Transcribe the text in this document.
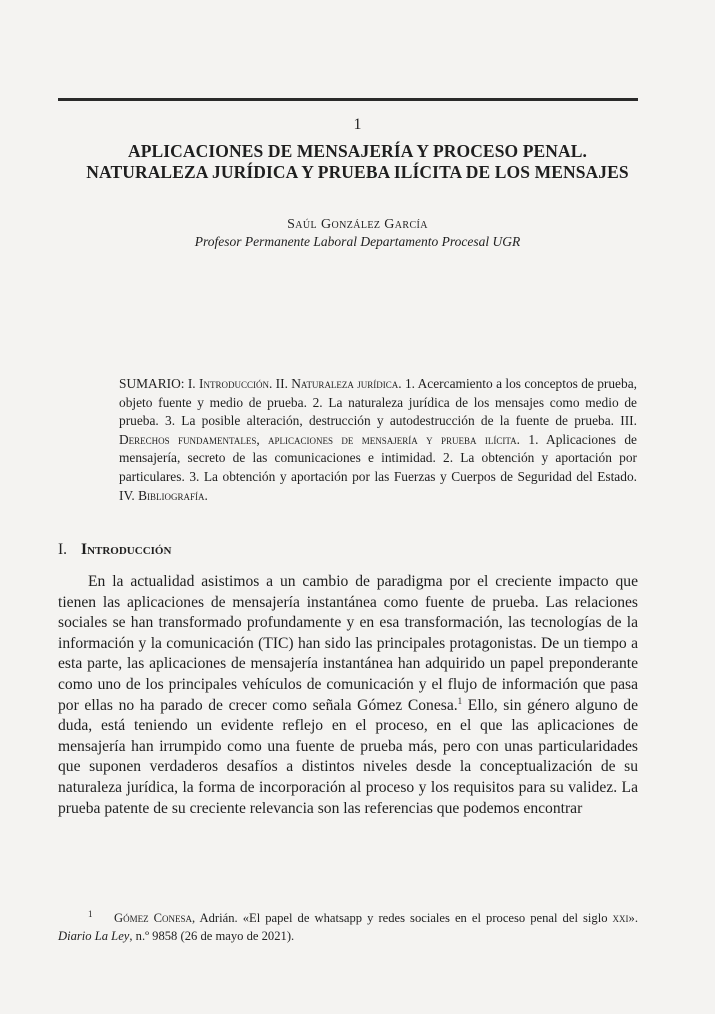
1
APLICACIONES DE MENSAJERÍA Y PROCESO PENAL.
NATURALEZA JURÍDICA Y PRUEBA ILÍCITA DE LOS MENSAJES
Saúl González García
Profesor Permanente Laboral Departamento Procesal UGR
SUMARIO: I. Introducción. II. Naturaleza jurídica. 1. Acercamiento a los conceptos de prueba, objeto fuente y medio de prueba. 2. La naturaleza jurídica de los mensajes como medio de prueba. 3. La posible alteración, destrucción y autodestrucción de la fuente de prueba. III. Derechos fundamentales, aplicaciones de mensajería y prueba ilícita. 1. Aplicaciones de mensajería, secreto de las comunicaciones e intimidad. 2. La obtención y aportación por particulares. 3. La obtención y aportación por las Fuerzas y Cuerpos de Seguridad del Estado. IV. Bibliografía.
I. Introducción
En la actualidad asistimos a un cambio de paradigma por el creciente impacto que tienen las aplicaciones de mensajería instantánea como fuente de prueba. Las relaciones sociales se han transformado profundamente y en esa transformación, las tecnologías de la información y la comunicación (TIC) han sido las principales protagonistas. De un tiempo a esta parte, las aplicaciones de mensajería instantánea han adquirido un papel preponderante como uno de los principales vehículos de comunicación y el flujo de información que pasa por ellas no ha parado de crecer como señala Gómez Conesa.$^1$ Ello, sin género alguno de duda, está teniendo un evidente reflejo en el proceso, en el que las aplicaciones de mensajería han irrumpido como una fuente de prueba más, pero con unas particularidades que suponen verdaderos desafíos a distintos niveles desde la conceptualización de su naturaleza jurídica, la forma de incorporación al proceso y los requisitos para su validez. La prueba patente de su creciente relevancia son las referencias que podemos encontrar
1 Gómez Conesa, Adrián. «El papel de whatsapp y redes sociales en el proceso penal del siglo xxi». Diario La Ley, n.º 9858 (26 de mayo de 2021).
